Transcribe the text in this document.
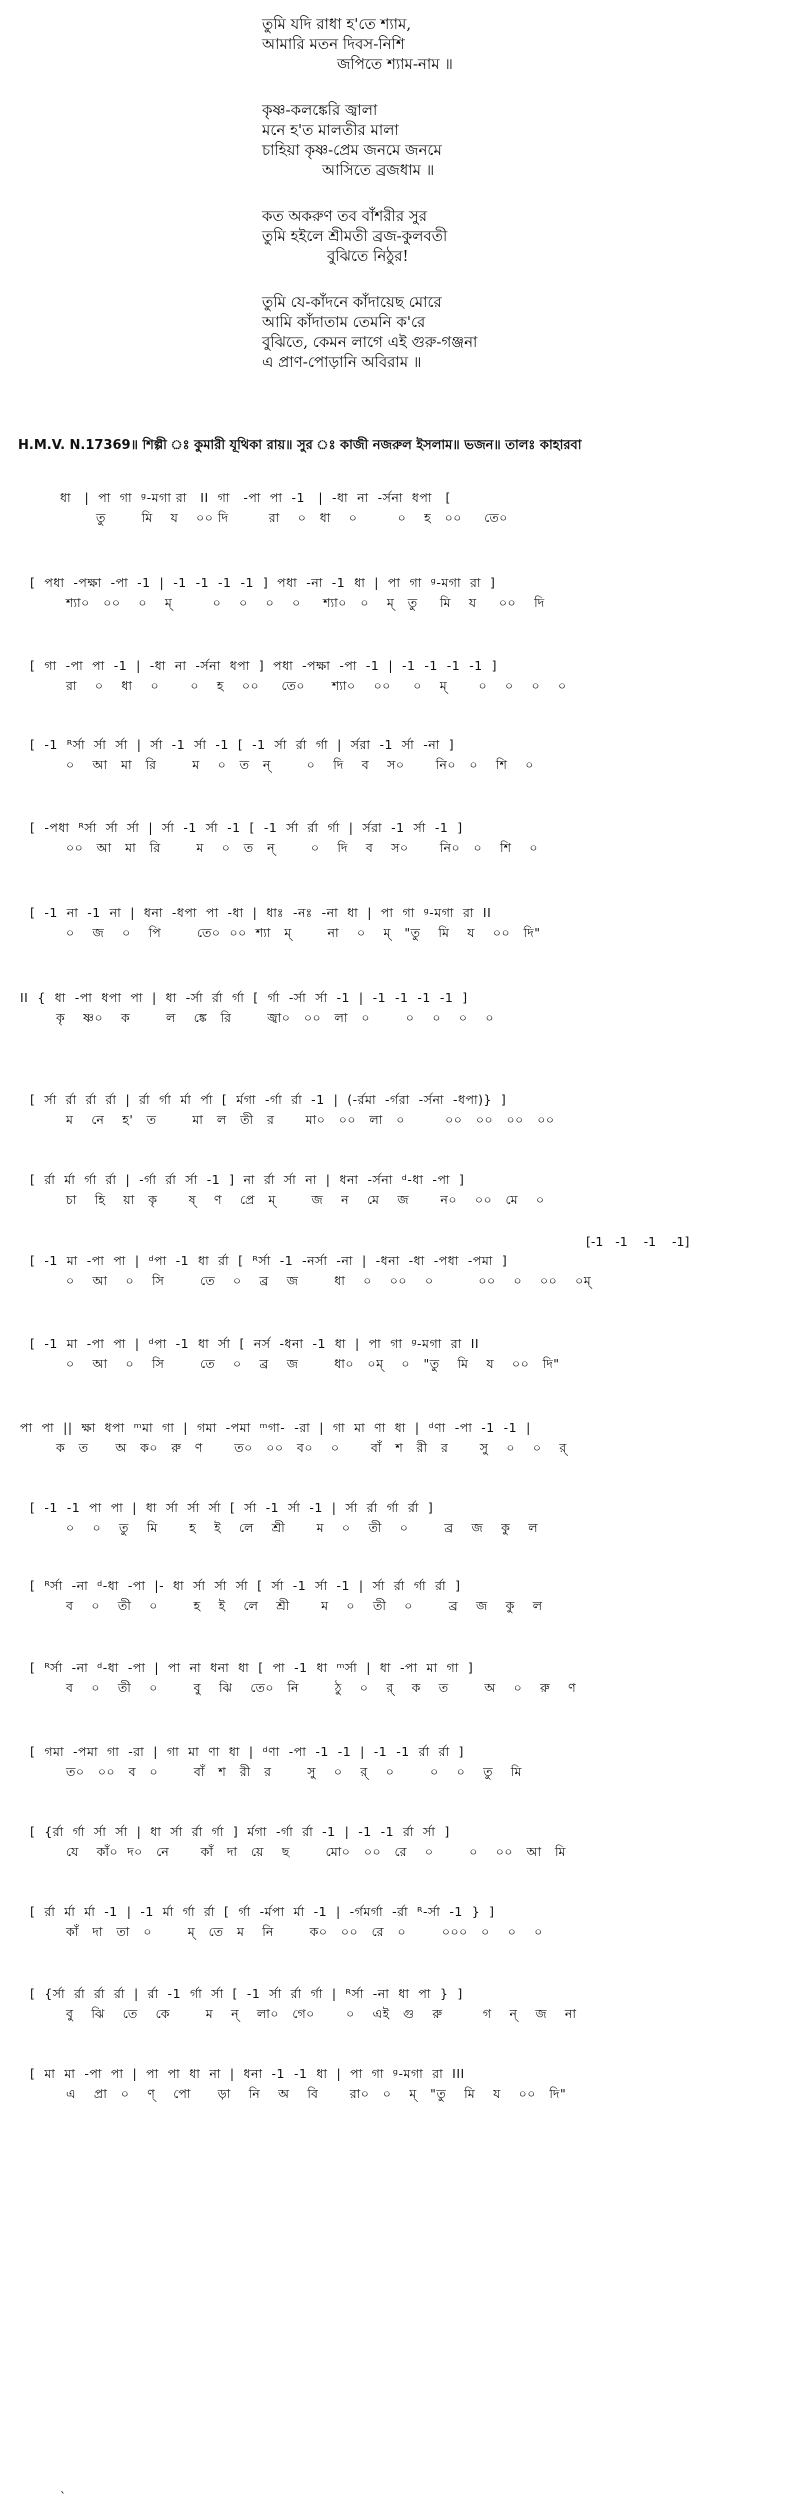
তুমি যদি রাধা হ'তে শ্যাম,
আমারি মতন দিবস-নিশি
জপিতে শ্যাম-নাম ॥
কৃষ্ণ-কলঙ্কেরি জ্বালা
মনে হ'ত মালতীর মালা
চাহিয়া কৃষ্ণ-প্রেম জনমে জনমে
আসিতে ব্রজধাম ॥
কত অকরুণ তব বাঁশরীর সুর
তুমি হইলে শ্রীমতী ব্রজ-কুলবতী
বুঝিতে নিঠুর!
তুমি যে-কাঁদনে কাঁদায়েছ মোরে
আমি কাঁদাতাম তেমনি ক'রে
বুঝিতে, কেমন লাগে এই গুরু-গঞ্জনা
এ প্রাণ-পোড়ানি অবিরাম ॥
H.M.V. N.17369॥ শিল্পী ঃ কুমারী যূথিকা রায়॥ সুর ঃ কাজী নজরুল ইসলাম॥ ভজন॥ তালঃ কাহারবা
[-1   -1    -1    -1]
ধা   |  পা  গা  ᵍ-মগা রা   II  গা   -পা  পা  -1   |  -ধা  না  -র্সনা  ধপা   [
তু        মি    য    ০০ দি         রা    ০   ধা    ০         ০    হ   ০০     তে০
[  পধা  -পক্ষা  -পা  -1  |  -1  -1  -1  -1  ]  পধা  -না  -1  ধা  |  পা  গা  ᵍ-মগা  রা  ]
শ্যা০   ০০    ০    ম্         ০    ০    ০    ০     শ্যা০   ০    ম্   তু     মি    য     ০০    দি
[  গা  -পা  পা  -1  |  -ধা  না  -র্সনা  ধপা  ]  পধা  -পক্ষা  -পা  -1  |  -1  -1  -1  -1  ]
রা    ০    ধা    ০       ০    হ    ০০     তে০      শ্যা০    ০০     ০    ম্       ০    ০    ০    ০
[  -1  ᴿর্সা  র্সা  র্সা  |  র্সা  -1  র্সা  -1  [  -1  র্সা  র্রা  র্গা  |  র্সরা  -1  র্সা  -না  ]
০    আ   মা   রি        ম    ০   ত   ন্        ০    দি    ব    স০       নি০   ০    শি    ০
[  -পধা  ᴿর্সা  র্সা  র্সা  |  র্সা  -1  র্সা  -1  [  -1  র্সা  র্রা  র্গা  |  র্সরা  -1  র্সা  -1  ]
০০   আ   মা   রি        ম    ০   ত   ন্        ০    দি    ব    স০       নি০   ০    শি    ০
[  -1  না  -1  না  |  ধনা  -ধপা  পা  -ধা  |  ধাঃ  -নঃ  -না  ধা  |  পা  গা  ᵍ-মগা  রা  II
০    জ    ০    পি        তে০  ০০  শ্যা   ম্        না    ০    ম্   "তু    মি    য    ০০   দি"
II  {  ধা  -পা  ধপা  পা  |  ধা  -র্সা  র্রা  র্গা  [  র্গা  -র্সা  র্সা  -1  |  -1  -1  -1  -1  ]
কৃ    ষ্ণ০    ক        ল    ঙ্কে   রি        জ্বা০   ০০   লা   ০        ০    ০    ০    ০
[  র্সা  র্রা  র্রা  র্রা  |  র্রা  র্গা  র্মা  র্পা  [  র্মগা  -র্গা  র্রা  -1  |  (-র্রমা  -র্গরা  -র্সনা  -ধপা)}  ]
ম    নে    হ'   ত        মা   ল   তী   র       মা০   ০০   লা   ০         ০০   ০০   ০০   ০০
[  র্রা  র্মা  র্গা  র্রা  |  -র্গা  র্রা  র্সা  -1  ]  না  র্রা  র্সা  না  |  ধনা  -র্সনা  ᵈ-ধা  -পা  ]
চা    হি    য়া   কৃ       ষ্    ণ    প্রে   ম্        জ    ন    মে    জ       ন০    ০০   মে    ০
[  -1  মা  -পা  পা  |  ᵈপা  -1  ধা  র্রা  [  ᴿর্সা  -1  -নর্সা  -না  |  -ধনা  -ধা  -পধা  -পমা  ]
০    আ    ০    সি        তে    ০    ব্র    জ        ধা    ০    ০০    ০          ০০    ০    ০০    ০ম্
[  -1  মা  -পা  পা  |  ᵈপা  -1  ধা  র্সা  [  নর্স  -ধনা  -1  ধা  |  পা  গা  ᵍ-মগা  রা  II
০    আ    ০    সি        তে    ০    ব্র    জ        ধা০   ০ম্    ০   "তু    মি    য    ০০   দি"
পা  পা  ||  ক্ষা  ধপা  ᵐমা  গা  |  গমা  -পমা  ᵐগা-  -রা  |  গা  মা  ণা  ধা  |  ᵈণা  -পা  -1  -1  |
ক   ত      অ   ক০   রু   ণ       ত০   ০০   ব০    ০       বাঁ   শ   রী   র       সু    ০    ০    র্
[  -1  -1  পা  পা  |  ধা  র্সা  র্সা  র্সা  [  র্সা  -1  র্সা  -1  |  র্সা  র্রা  র্গা  র্রা  ]
০    ০    তু    মি       হ    ই    লে    শ্রী       ম    ০    তী    ০        ব্র    জ    কু    ল
[  ᴿর্সা  -না  ᵈ-ধা  -পা  |-  ধা  র্সা  র্সা  র্সা  [  র্সা  -1  র্সা  -1  |  র্সা  র্রা  র্গা  র্রা  ]
ব    ০    তী    ০        হ    ই    লে    শ্রী       ম    ০    তী    ০        ব্র    জ    কু    ল
[  ᴿর্সা  -না  ᵈ-ধা  -পা  |  পা  না  ধনা  ধা  [  পা  -1  ধা  ᵐর্সা  |  ধা  -পা  মা  গা  ]
ব    ০    তী    ০        বু    ঝি    তে০   নি        ঠু    ০    র্    ক    ত        অ    ০    রু    ণ
[  গমা  -পমা  গা  -রা  |  গা  মা  ণা  ধা  |  ᵈণা  -পা  -1  -1  |  -1  -1  র্রা  র্রা  ]
ত০   ০০   ব   ০        বাঁ   শ   রী   র        সু    ০    র্    ০        ০    ০    তু    মি
[  {র্রা  র্গা  র্সা  র্সা  |  ধা  র্সা  র্রা  র্গা  ]  র্মগা  -র্গা  র্রা  -1  |  -1  -1  র্রা  র্সা  ]
যে    কাঁ০  দ০   নে       কাঁ   দা   য়ে    ছ        মো০   ০০   রে    ০        ০    ০০   আ   মি
[  র্রা  র্মা  র্মা  -1  |  -1  র্মা  র্গা  র্রা  [  র্গা  -র্মপা  র্মা  -1  |  -র্গমর্গা  -র্রা  ᴿ-র্সা  -1  }  ]
কাঁ   দা   তা   ০        ম্   তে   ম    নি        ক০   ০০   রে   ০        ০০০   ০    ০    ০
[  {র্সা  র্রা  র্রা  র্রা  |  র্রা  -1  র্গা  র্সা  [  -1  র্সা  র্রা  র্গা  |  ᴿর্সা  -না  ধা  পা  }  ]
বু    ঝি    তে    কে        ম    ন্    লা০   গে০       ০    এই   গু    রু         গ    ন্    জ    না
[  মা  মা  -পা  পা  |  পা  পা  ধা  না  |  ধনা  -1  -1  ধা  |  পা  গা  ᵍ-মগা  রা  III
এ    প্রা   ০    ণ্    পো      ড়া    নি    অ    বি       রা০   ০    ম্   "তু    মি    য    ০০   দি"
ˋ
